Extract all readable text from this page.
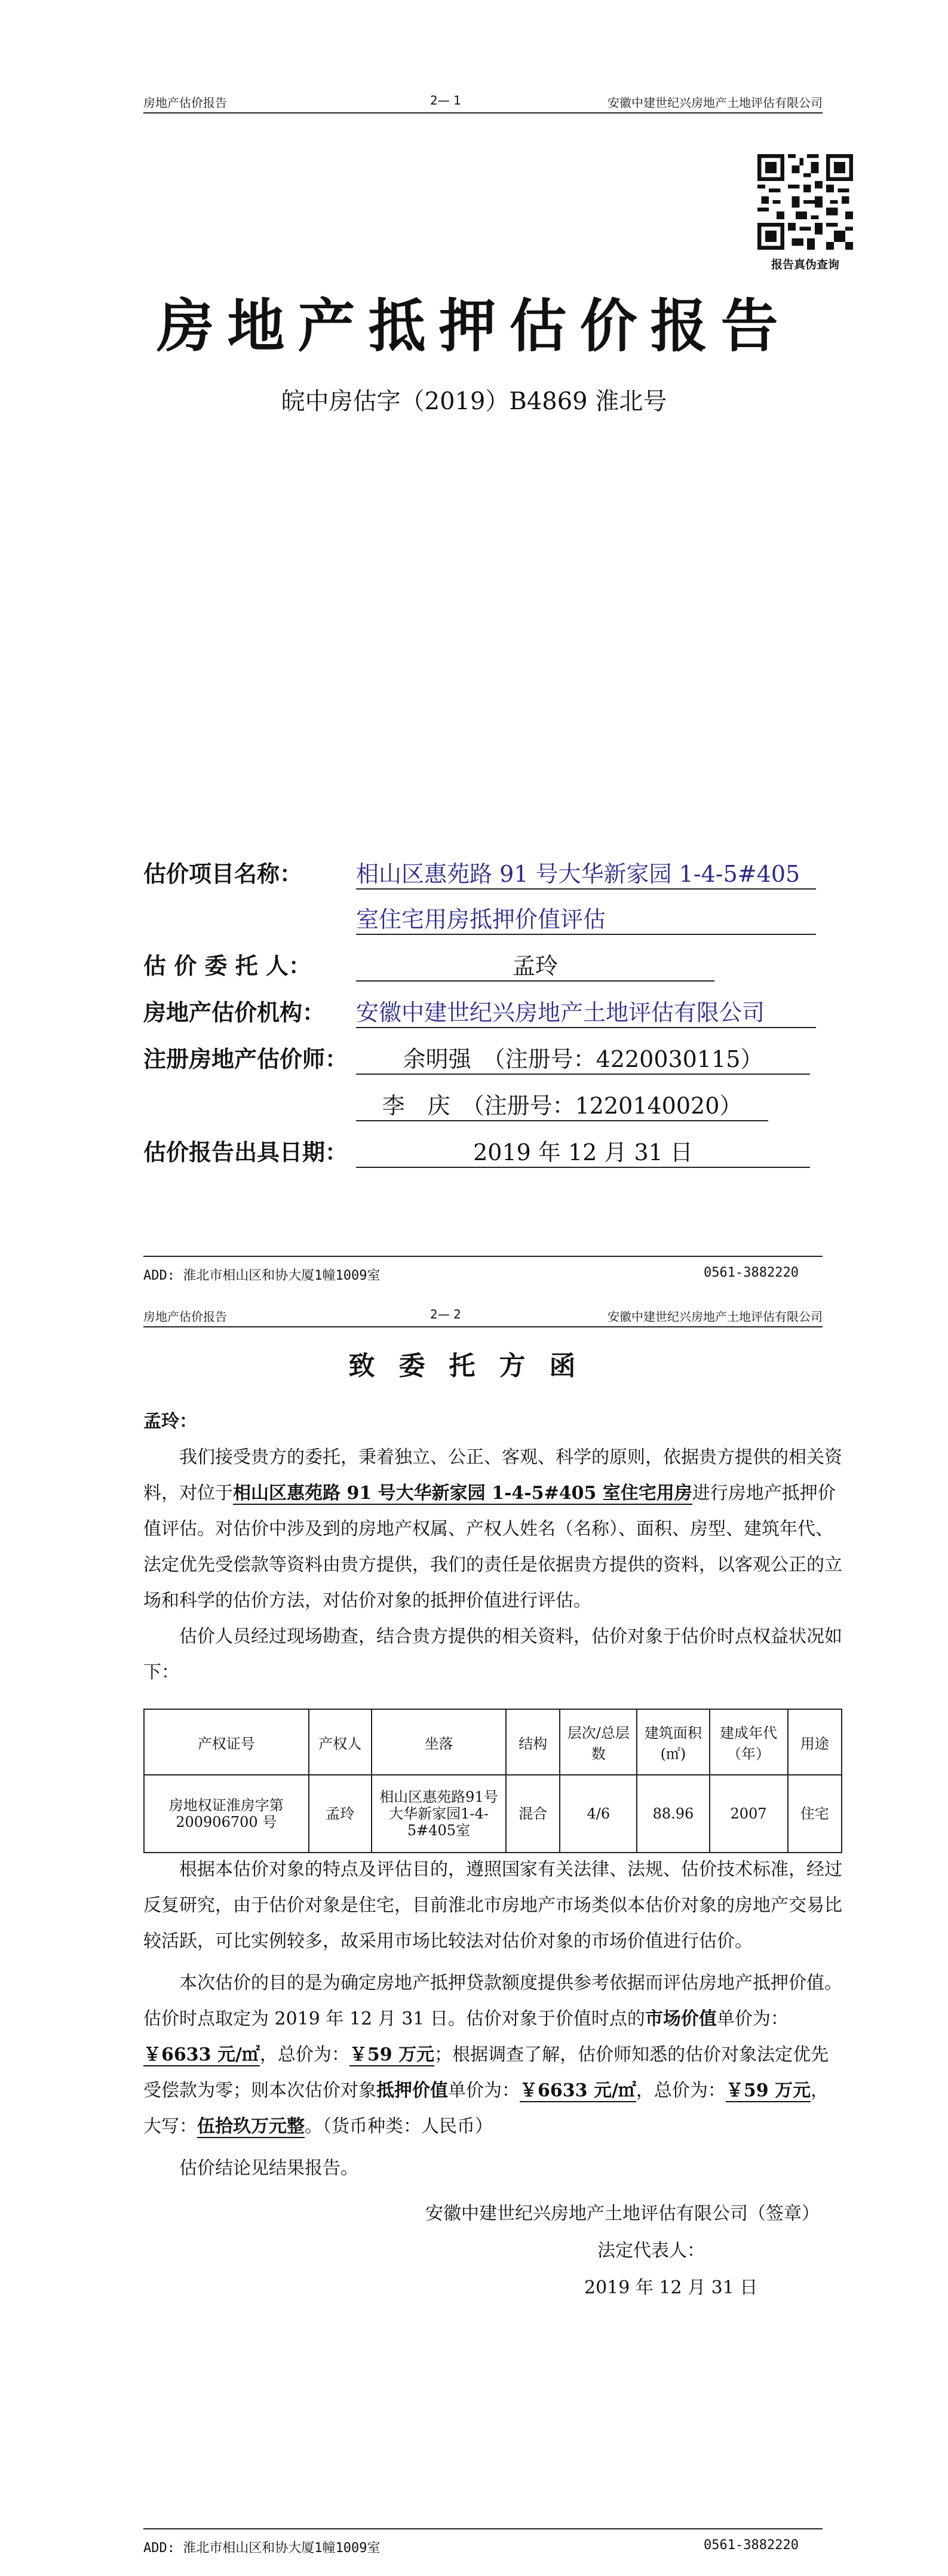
房地产估价报告	2— 1	安徽中建世纪兴房地产土地评估有限公司
报告真伪查询
房地产抵押估价报告
皖中房估字（2019）B4869 淮北号
估价项目名称： 相山区惠苑路 91 号大华新家园 1-4-5#405
室住宅用房抵押价值评估
估 价 委 托 人：	孟玲
房地产估价机构： 安徽中建世纪兴房地产土地评估有限公司
注册房地产估价师： 余明强　（注册号：4220030115）
李　庆　（注册号：1220140020）
估价报告出具日期：	2019 年 12 月 31 日
ADD: 淮北市相山区和协大厦1幢1009室	0561-3882220
房地产估价报告	2— 2	安徽中建世纪兴房地产土地评估有限公司
致委托方函
孟玲：
我们接受贵方的委托，秉着独立、公正、客观、科学的原则，依据贵方提供的相关资料，对位于相山区惠苑路 91 号大华新家园 1-4-5#405 室住宅用房进行房地产抵押价值评估。对估价中涉及到的房地产权属、产权人姓名（名称）、面积、房型、建筑年代、法定优先受偿款等资料由贵方提供，我们的责任是依据贵方提供的资料，以客观公正的立场和科学的估价方法，对估价对象的抵押价值进行评估。
估价人员经过现场勘查，结合贵方提供的相关资料，估价对象于估价时点权益状况如下：
产权证号	产权人	坐落	结构	层次/总层数	建筑面积(㎡)	建成年代（年）	用途
房地权证淮房字第200906700 号	孟玲	相山区惠苑路91号大华新家园1-4-5#405室	混合	4/6	88.96	2007	住宅
根据本估价对象的特点及评估目的，遵照国家有关法律、法规、估价技术标准，经过反复研究，由于估价对象是住宅，目前淮北市房地产市场类似本估价对象的房地产交易比较活跃，可比实例较多，故采用市场比较法对估价对象的市场价值进行估价。
本次估价的目的是为确定房地产抵押贷款额度提供参考依据而评估房地产抵押价值。估价时点取定为 2019 年 12 月 31 日。估价对象于价值时点的市场价值单价为：￥6633 元/㎡，总价为：￥59 万元；根据调查了解，估价师知悉的估价对象法定优先受偿款为零；则本次估价对象抵押价值单价为：￥6633 元/㎡，总价为：￥59 万元，大写：伍拾玖万元整。（货币种类：人民币）
估价结论见结果报告。
安徽中建世纪兴房地产土地评估有限公司（签章）
法定代表人：
2019 年 12 月 31 日
ADD: 淮北市相山区和协大厦1幢1009室	0561-3882220
